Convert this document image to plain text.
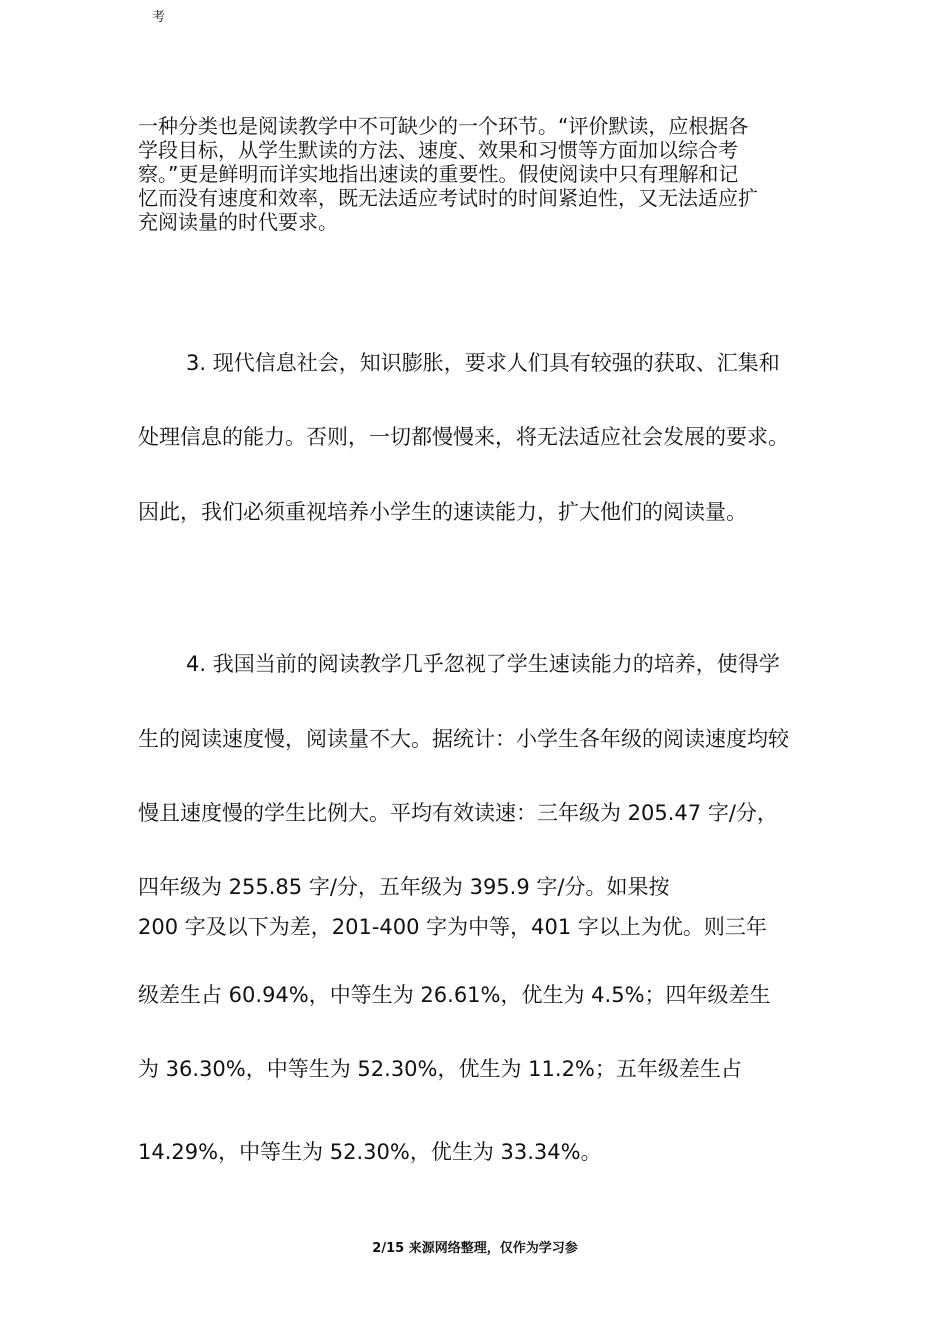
考
一种分类也是阅读教学中不可缺少的一个环节。“评价默读，应根据各
学段目标，从学生默读的方法、速度、效果和习惯等方面加以综合考
察。”更是鲜明而详实地指出速读的重要性。假使阅读中只有理解和记
忆而没有速度和效率，既无法适应考试时的时间紧迫性，又无法适应扩
充阅读量的时代要求。
3. 现代信息社会，知识膨胀，要求人们具有较强的获取、汇集和
处理信息的能力。否则，一切都慢慢来，将无法适应社会发展的要求。
因此，我们必须重视培养小学生的速读能力，扩大他们的阅读量。
4. 我国当前的阅读教学几乎忽视了学生速读能力的培养，使得学
生的阅读速度慢，阅读量不大。据统计：小学生各年级的阅读速度均较
慢且速度慢的学生比例大。平均有效读速：三年级为 205.47 字/分，
四年级为 255.85 字/分，五年级为 395.9 字/分。如果按
200 字及以下为差，201-400 字为中等，401 字以上为优。则三年
级差生占 60.94%，中等生为 26.61%，优生为 4.5%；四年级差生
为 36.30%，中等生为 52.30%，优生为 11.2%；五年级差生占
14.29%，中等生为 52.30%，优生为 33.34%。
2/15 来源网络整理，仅作为学习参
